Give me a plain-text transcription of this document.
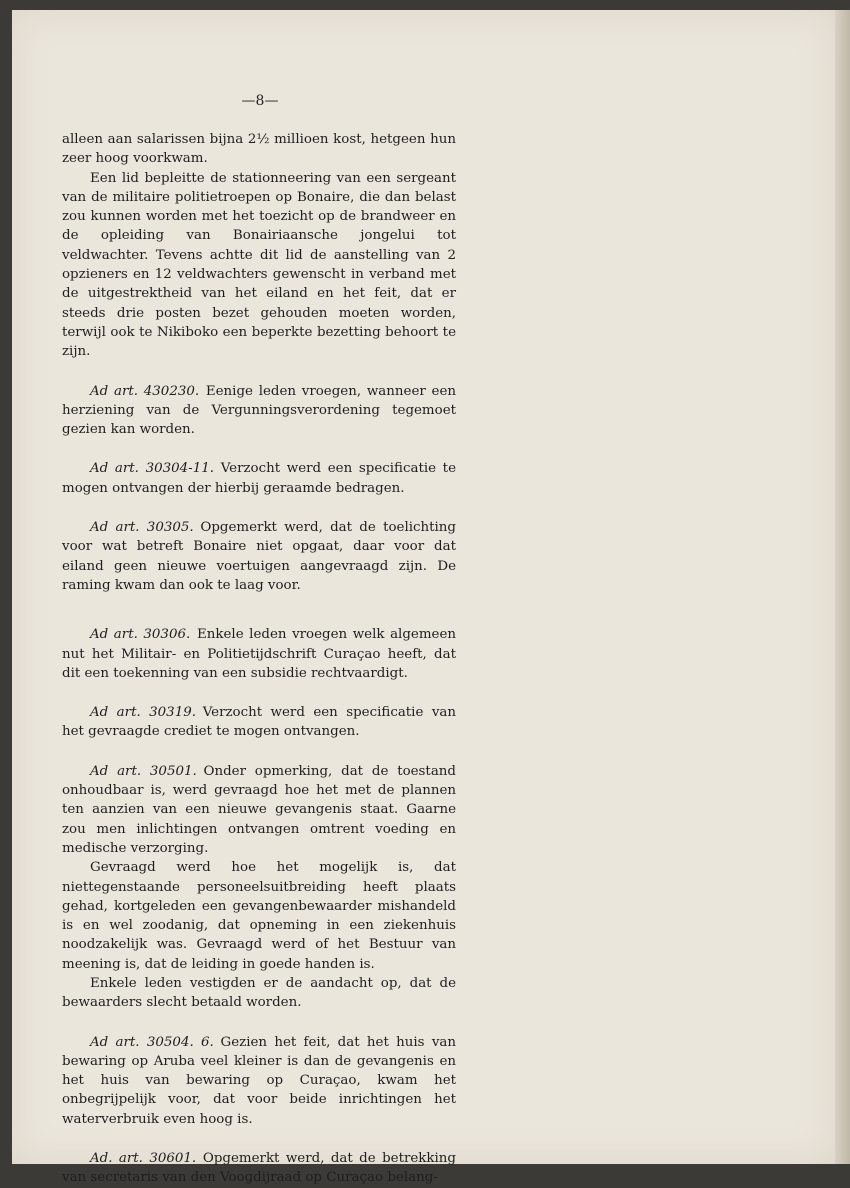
—8—

alleen aan salarissen bijna 2½ millioen kost, hetgeen hun zeer hoog voorkwam.

Een lid bepleitte de stationneering van een sergeant van de militaire politietroepen op Bonaire, die dan belast zou kunnen worden met het toezicht op de brandweer en de opleiding van Bonairiaansche jongelui tot veldwachter. Tevens achtte dit lid de aanstelling van 2 opzieners en 12 veldwachters gewenscht in verband met de uitgestrektheid van het eiland en het feit, dat er steeds drie posten bezet gehouden moeten worden, terwijl ook te Nikiboko een beperkte bezetting behoort te zijn.

Ad art. 430230.  Eenige leden vroegen, wanneer een herziening van de Vergunningsverordening tegemoet gezien kan worden.

Ad art. 30304-11.  Verzocht werd een specificatie te mogen ontvangen der hierbij geraamde bedragen.

Ad art. 30305.  Opgemerkt werd, dat de toelichting voor wat betreft Bonaire niet opgaat, daar voor dat eiland geen nieuwe voertuigen aangevraagd zijn. De raming kwam dan ook te laag voor.

Ad art. 30306.  Enkele leden vroegen welk algemeen nut het Militair- en Politietijdschrift Curaçao heeft, dat dit een toekenning van een subsidie rechtvaardigt.

Ad art. 30319.  Verzocht werd een specificatie van het gevraagde crediet te mogen ontvangen.

Ad art. 30501.  Onder opmerking, dat de toestand onhoudbaar is, werd gevraagd hoe het met de plannen ten aanzien van een nieuwe gevangenis staat. Gaarne zou men inlichtingen ontvangen omtrent voeding en medische verzorging.

Gevraagd werd hoe het mogelijk is, dat niettegenstaande personeelsuitbreiding heeft plaats gehad, kortgeleden een gevangenbewaarder mishandeld is en wel zoodanig, dat opneming in een ziekenhuis noodzakelijk was. Gevraagd werd of het Bestuur van meening is, dat de leiding in goede handen is.

Enkele leden vestigden er de aandacht op, dat de bewaarders slecht betaald worden.

Ad art. 30504. 6.  Gezien het feit, dat het huis van bewaring op Aruba veel kleiner is dan de gevangenis en het huis van bewaring op Curaçao, kwam het onbegrijpelijk voor, dat voor beide inrichtingen het waterverbruik even hoog is.

Ad. art. 30601.  Opgemerkt werd, dat de betrekking van secretaris van den Voogdijraad op Curaçao belang-
